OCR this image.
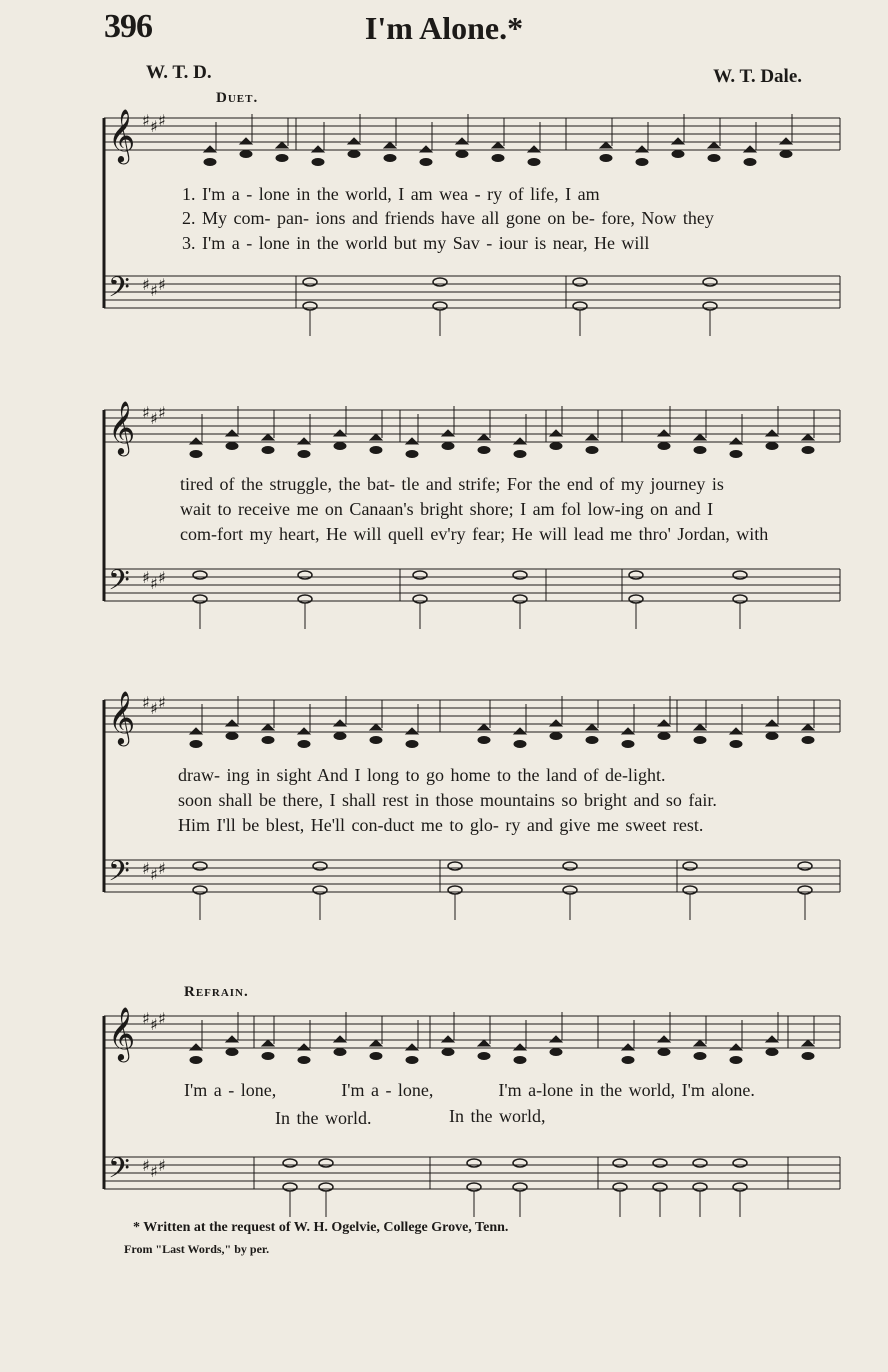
396	I'm Alone.*
W. T. D.	W. T. Dale.
Duet.
Refrain.
𝄞 ♯ ♯ ♯
𝄢 ♯ ♯ ♯
𝄞 ♯ ♯ ♯
𝄢 ♯ ♯ ♯
𝄞 ♯ ♯ ♯
𝄢 ♯ ♯ ♯
𝄞 ♯ ♯ ♯
𝄢 ♯ ♯ ♯
1. I'm a - lone in the world, I am wea - ry of life, I am
2. My com- pan- ions and friends have all gone on be- fore, Now they
3. I'm a - lone in the world but my Sav - iour is near, He will
tired of the struggle, the bat- tle and strife; For the end of my journey is
wait to receive me on Canaan's bright shore; I am fol low-ing on and I
com-fort my heart, He will quell ev'ry fear; He will lead me thro' Jordan, with
draw- ing in sight And I long to go home to the land of de-light.
soon shall be there, I shall rest in those mountains so bright and so fair.
Him I'll be blest, He'll con-duct me to glo- ry and give me sweet rest.
I'm a - lone,          I'm a - lone,          I'm a-lone in the world, I'm alone.
In the world.	In the world,
* Written at the request of W. H. Ogelvie, College Grove, Tenn.
From "Last Words," by per.
